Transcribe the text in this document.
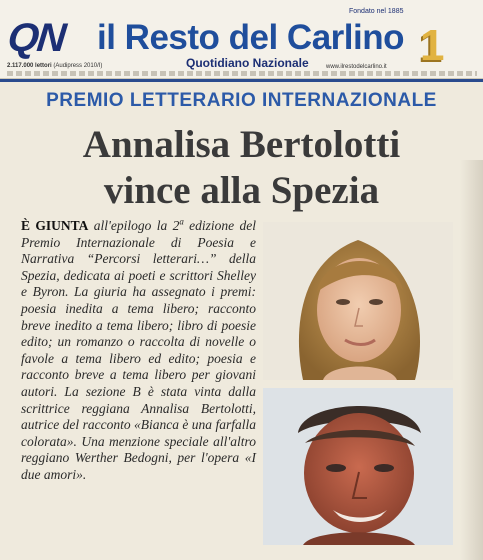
QN il Resto del Carlino
Quotidiano Nazionale
Fondato nel 1885
1
2.117.000 lettori (Audipress 2010/I)	www.ilrestodelcarlino.it
PREMIO LETTERARIO INTERNAZIONALE
Annalisa Bertolotti
vince alla Spezia
È GIUNTA all'epilogo la 2$^a$ edizione del Premio Internazionale di Poesia e Narrativa “Percorsi letterari…” della Spezia, dedicata ai poeti e scrittori Shelley e Byron. La giuria ha assegnato i premi: poesia inedita a tema libero; racconto breve inedito a tema libero; libro di poesie edito; un romanzo o raccolta di novelle o favole a tema libero ed edito; poesia e racconto breve a tema libero per giovani autori. La sezione B è stata vinta dalla scrittrice reggiana Annalisa Bertolotti, autrice del racconto «Bianca è una farfalla colorata». Una menzione speciale all'altro reggiano Werther Bedogni, per l'opera «I due amori».
